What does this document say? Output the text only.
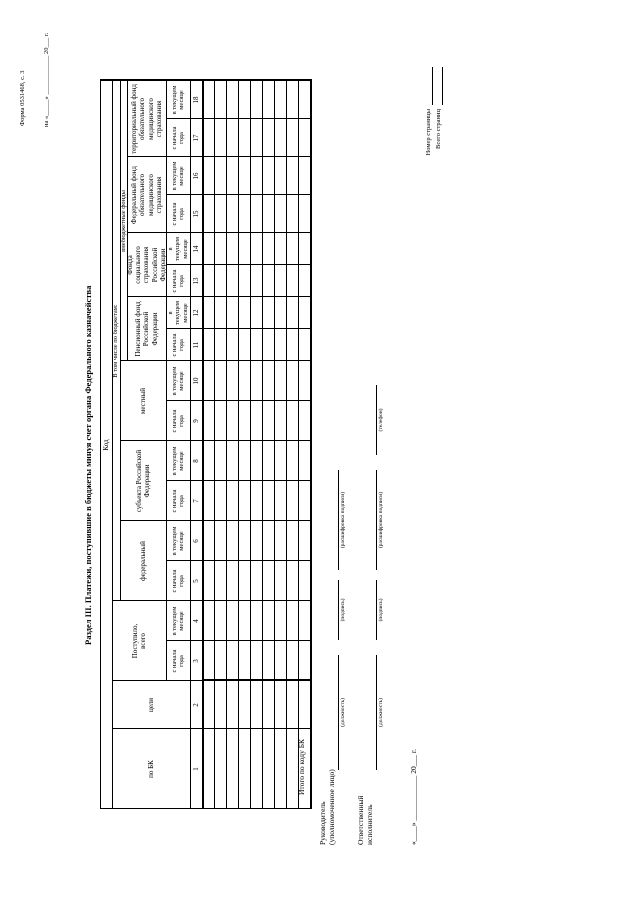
Форма 0531468, с. 3	на «_____» ____________ 20___ г.
Раздел III. Платежи, поступившие в бюджеты минуя счет органа Федерального казначейства Код
по БК
цели
Поступило, всего
В том числе по бюджетам:
федеральный
субъекта Российской Федерации
местный
внебюджетные фонды
Пенсионный фонд Российской Федерации
Фонда социального страхования Российской Федерации
Федеральный фонд обязательного медицинского страхования
территориальный фонд обязательного медицинского страхования
с начала года
в текущем месяце
с начала года
в текущем месяце
с начала года
в текущем месяце
с начала года
в текущем месяце
с начала года
в текущем месяце
с начала года
в текущем месяце
с начала года
в текущем месяце
с начала года
в текущем месяце
1
2
3
4
5
6
7
8
9
10
11
12
13
14
15
16
17
18
Итого по коду БК
Руководитель (уполномоченное лицо)
(должность)
(подпись)
(расшифровка подписи)
Ответственный исполнитель
(должность)
(подпись)
(расшифровка подписи)
(телефон)
«____» ____________ 20___ г.
Номер страницы Всего страниц
